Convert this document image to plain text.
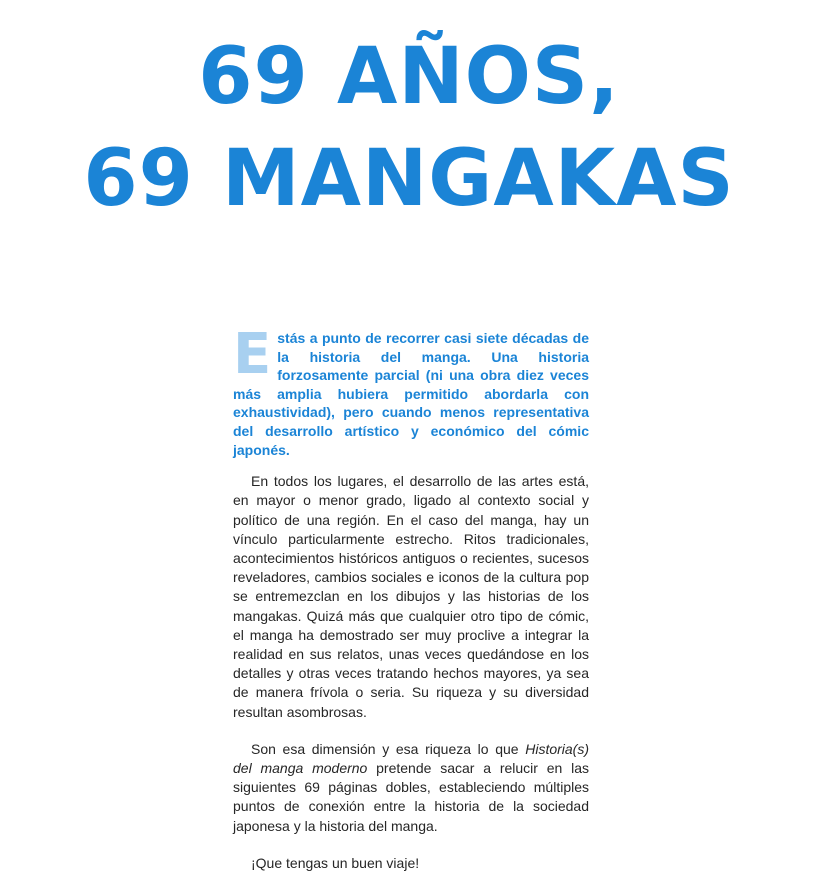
69 AÑOS,
69 MANGAKAS

E stás a punto de recorrer casi siete décadas de la historia del manga. Una historia forzosamente parcial (ni una obra diez veces más amplia hubiera permitido abordarla con exhaustividad), pero cuando menos representativa del desarrollo artístico y económico del cómic japonés.

En todos los lugares, el desarrollo de las artes está, en mayor o menor grado, ligado al contexto social y político de una región. En el caso del manga, hay un vínculo particularmente estrecho. Ritos tradicionales, acontecimientos históricos antiguos o recientes, sucesos reveladores, cambios sociales e iconos de la cultura pop se entremezclan en los dibujos y las historias de los mangakas. Quizá más que cualquier otro tipo de cómic, el manga ha demostrado ser muy proclive a integrar la realidad en sus relatos, unas veces quedándose en los detalles y otras veces tratando hechos mayores, ya sea de manera frívola o seria. Su riqueza y su diversidad resultan asombrosas.

Son esa dimensión y esa riqueza lo que Historia(s) del manga moderno pretende sacar a relucir en las siguientes 69 páginas dobles, estableciendo múltiples puntos de conexión entre la historia de la sociedad japonesa y la historia del manga.

¡Que tengas un buen viaje!
